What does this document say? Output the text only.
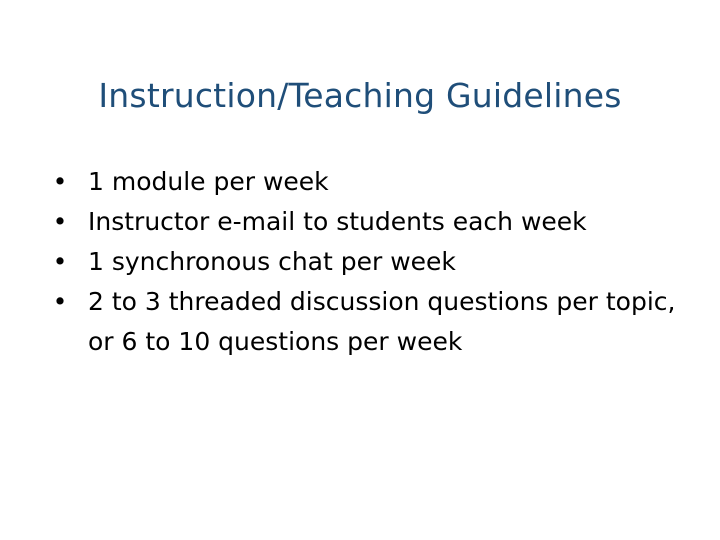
Instruction/Teaching Guidelines
• 1 module per week
• Instructor e-mail to students each week
• 1 synchronous chat per week
• 2 to 3 threaded discussion questions per topic, or 6 to 10 questions per week
